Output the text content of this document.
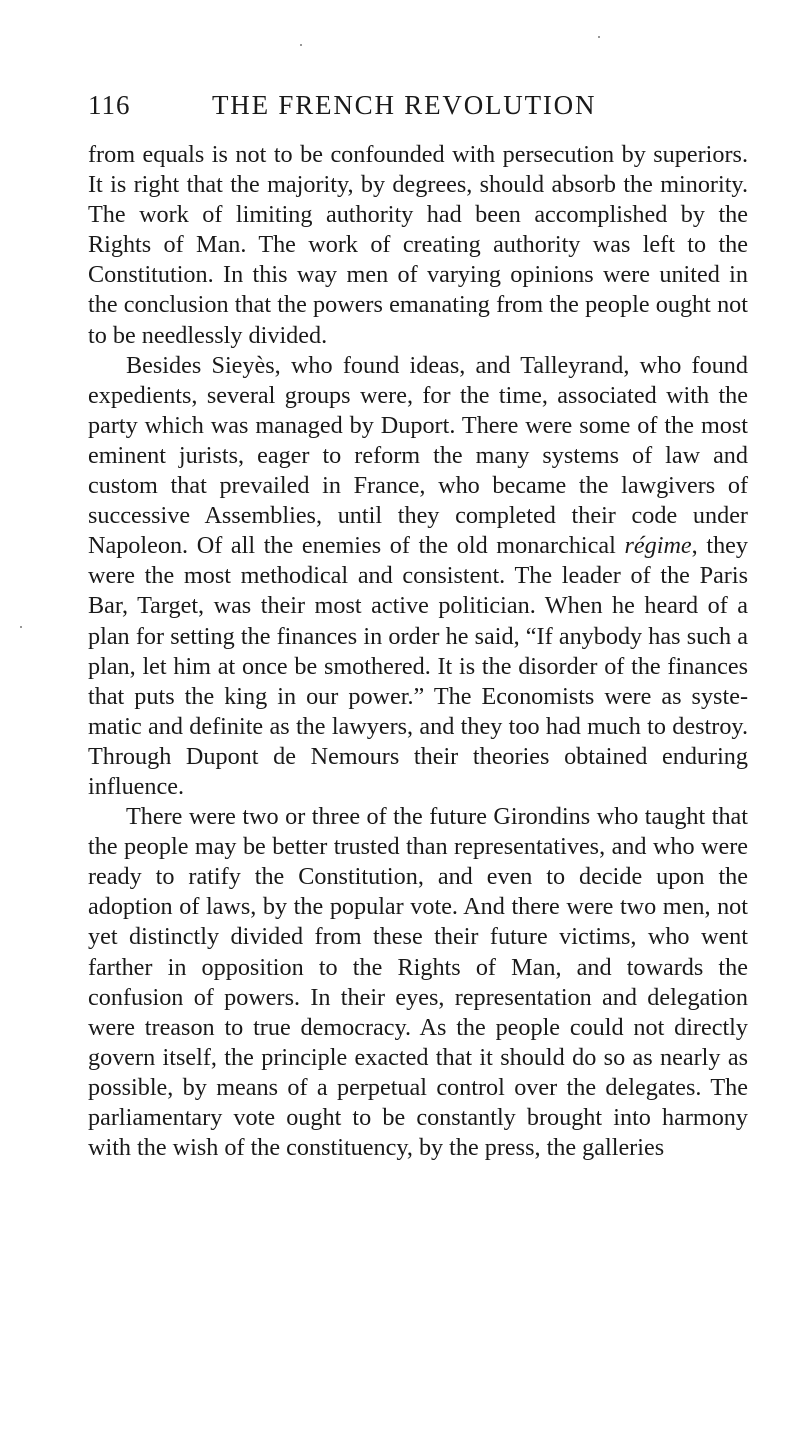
116	THE FRENCH REVOLUTION

from equals is not to be confounded with persecution by superiors. It is right that the majority, by degrees, should absorb the minority. The work of limiting authority had been accomplished by the Rights of Man. The work of creating authority was left to the Constitution. In this way men of varying opinions were united in the conclusion that the powers emanating from the people ought not to be needlessly divided.

Besides Sieyès, who found ideas, and Talleyrand, who found expedients, several groups were, for the time, associated with the party which was managed by Duport. There were some of the most eminent jurists, eager to reform the many systems of law and custom that prevailed in France, who became the lawgivers of successive Assemblies, until they completed their code under Napoleon. Of all the enemies of the old monarchical régime, they were the most methodical and consistent. The leader of the Paris Bar, Target, was their most active politician. When he heard of a plan for setting the finances in order he said, “If anybody has such a plan, let him at once be smothered. It is the disorder of the finances that puts the king in our power.” The Economists were as systematic and definite as the lawyers, and they too had much to destroy. Through Dupont de Nemours their theories obtained enduring influence.

There were two or three of the future Girondins who taught that the people may be better trusted than representatives, and who were ready to ratify the Constitution, and even to decide upon the adoption of laws, by the popular vote. And there were two men, not yet distinctly divided from these their future victims, who went farther in opposition to the Rights of Man, and towards the confusion of powers. In their eyes, representation and delegation were treason to true democracy. As the people could not directly govern itself, the principle exacted that it should do so as nearly as possible, by means of a perpetual control over the delegates. The parliamentary vote ought to be constantly brought into harmony with the wish of the constituency, by the press, the galleries
